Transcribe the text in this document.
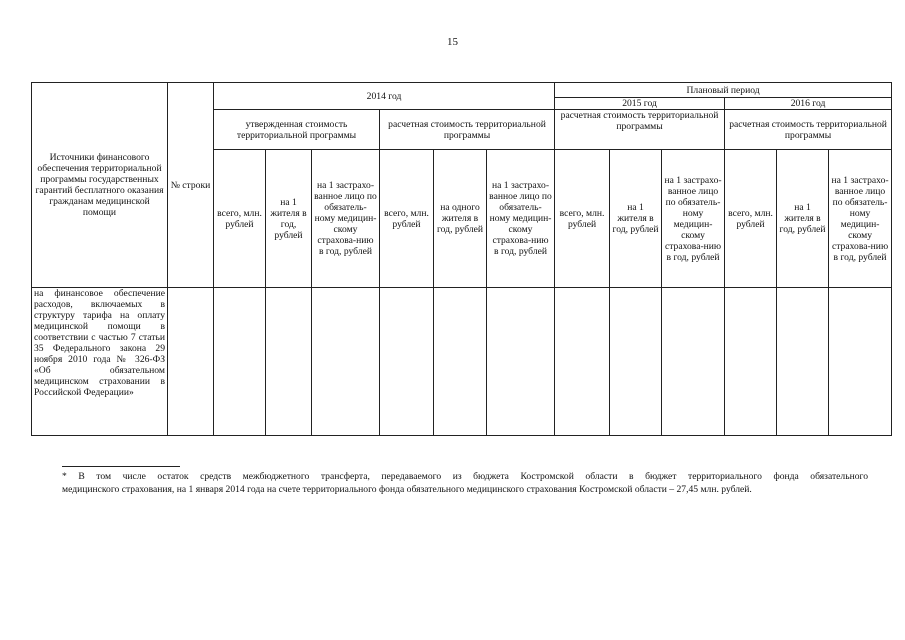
15
Источники финансового обеспечения территориальной программы государственных гарантий бесплатного оказания гражданам медицинской помощи	№ строки	2014 год						Плановый период					
								2015 год			2016 год		
		утвержденная стоимость территориальной программы			расчетная стоимость территориальной программы			расчетная стоимость территориальной программы			расчетная стоимость территориальной программы		
		всего, млн. рублей	на 1 жителя в год, рублей	на 1 застрахо-ванное лицо по обязатель-ному медицин-скому страхова-нию в год, рублей	всего, млн. рублей	на одного жителя в год, рублей	на 1 застрахо-ванное лицо по обязатель-ному медицин-скому страхова-нию в год, рублей	всего, млн. рублей	на 1 жителя в год, рублей	на 1 застрахо-ванное лицо по обязатель-ному медицин-скому страхова-нию в год, рублей	всего, млн. рублей	на 1 жителя в год, рублей	на 1 застрахо-ванное лицо по обязатель-ному медицин-скому страхова-нию в год, рублей
на финансовое обеспечение расходов, включаемых в структуру тарифа на оплату медицинской помощи в соответствии с частью 7 статьи 35 Федерального закона 29 ноября 2010 года № 326-ФЗ «Об обязательном медицинском страховании в Российской Федерации»													

* В том числе остаток средств межбюджетного трансферта, передаваемого из бюджета Костромской области в бюджет территориального фонда обязательного

медицинского страхования, на 1 января 2014 года на счете территориального фонда обязательного медицинского страхования Костромской области – 27,45 млн. рублей.
